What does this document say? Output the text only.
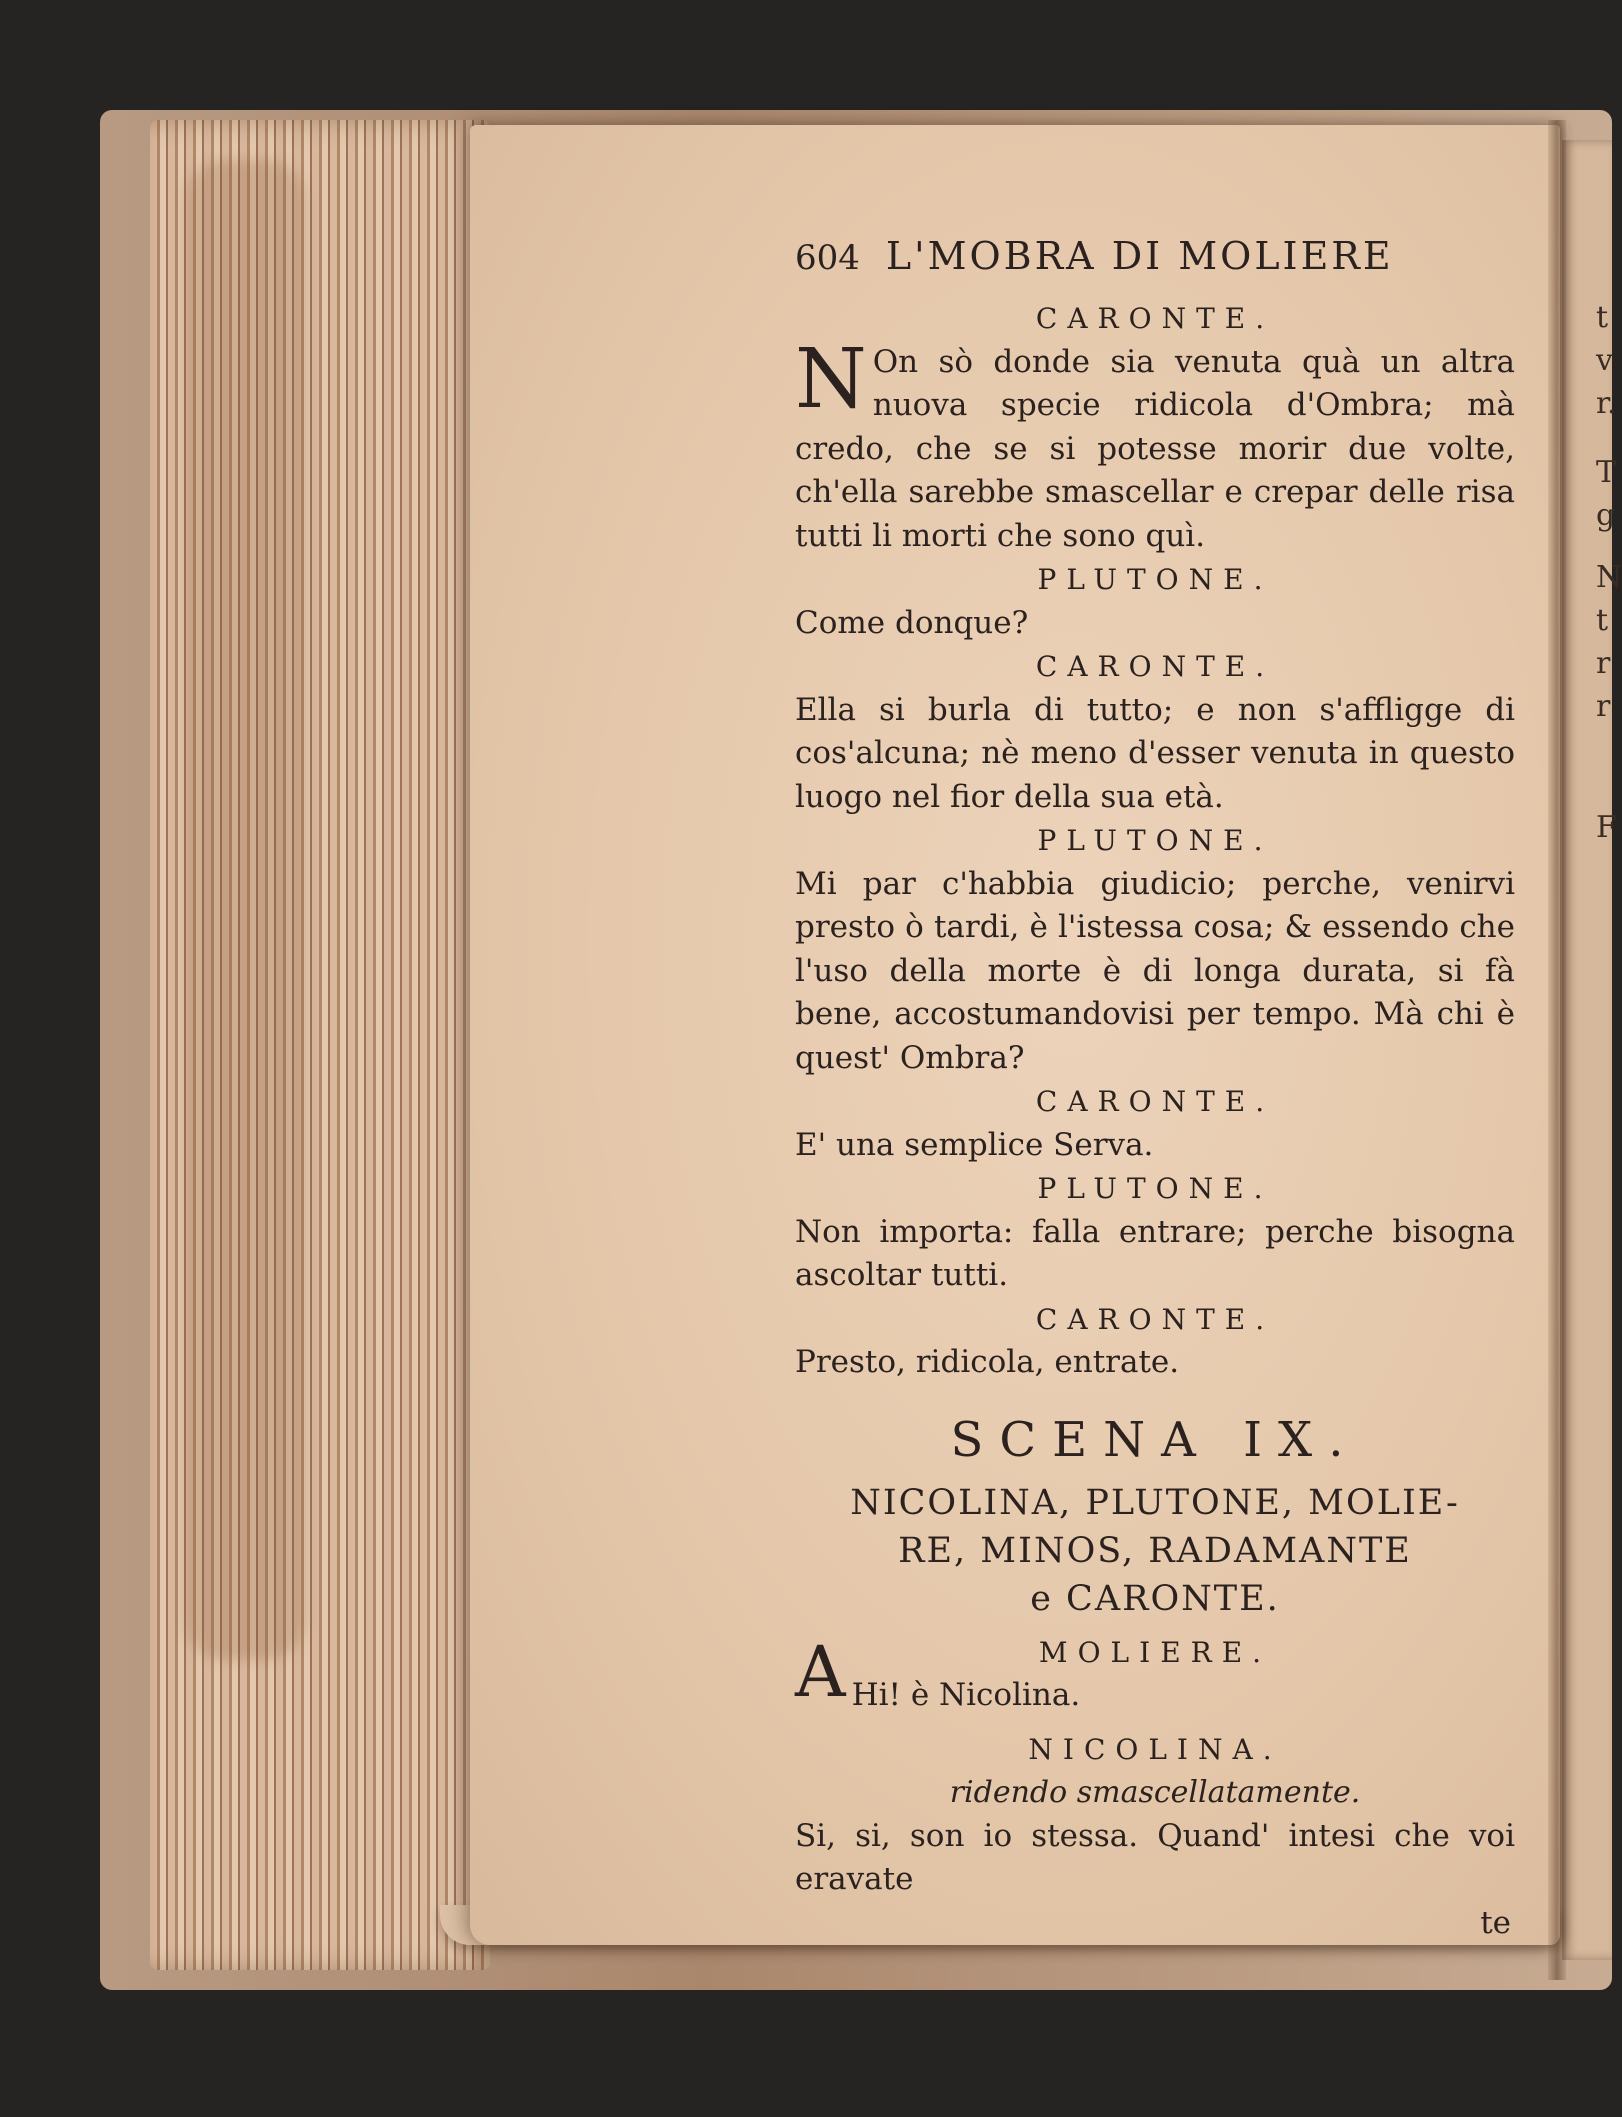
t
v
r.
T
g
N
t
r
r
F
604 L'MOBRA DI MOLIERE
CARONTE.
N On sò donde sia venuta quà un altra nuova specie ridicola d'Ombra; mà credo, che se si potesse morir due volte, ch'ella sarebbe smascellar e crepar delle risa tutti li morti che sono quì.
PLUTONE.
Come donque?
CARONTE.
Ella si burla di tutto; e non s'affligge di cos'alcuna; nè meno d'esser venuta in questo luogo nel fior della sua età.
PLUTONE.
Mi par c'habbia giudicio; perche, venirvi presto ò tardi, è l'istessa cosa; & essendo che l'uso della morte è di longa durata, si fà bene, accostumandovisi per tempo. Mà chi è quest' Ombra?
CARONTE.
E' una semplice Serva.
PLUTONE.
Non importa: falla entrare; perche bisogna ascoltar tutti.
CARONTE.
Presto, ridicola, entrate.
SCENA IX.
NICOLINA, PLUTONE, MOLIE-
RE, MINOS, RADAMANTE
e CARONTE.
MOLIERE.
A Hi! è Nicolina.
NICOLINA.
ridendo smascellatamente.
Si, si, son io stessa. Quand' intesi che voi eravate
te
